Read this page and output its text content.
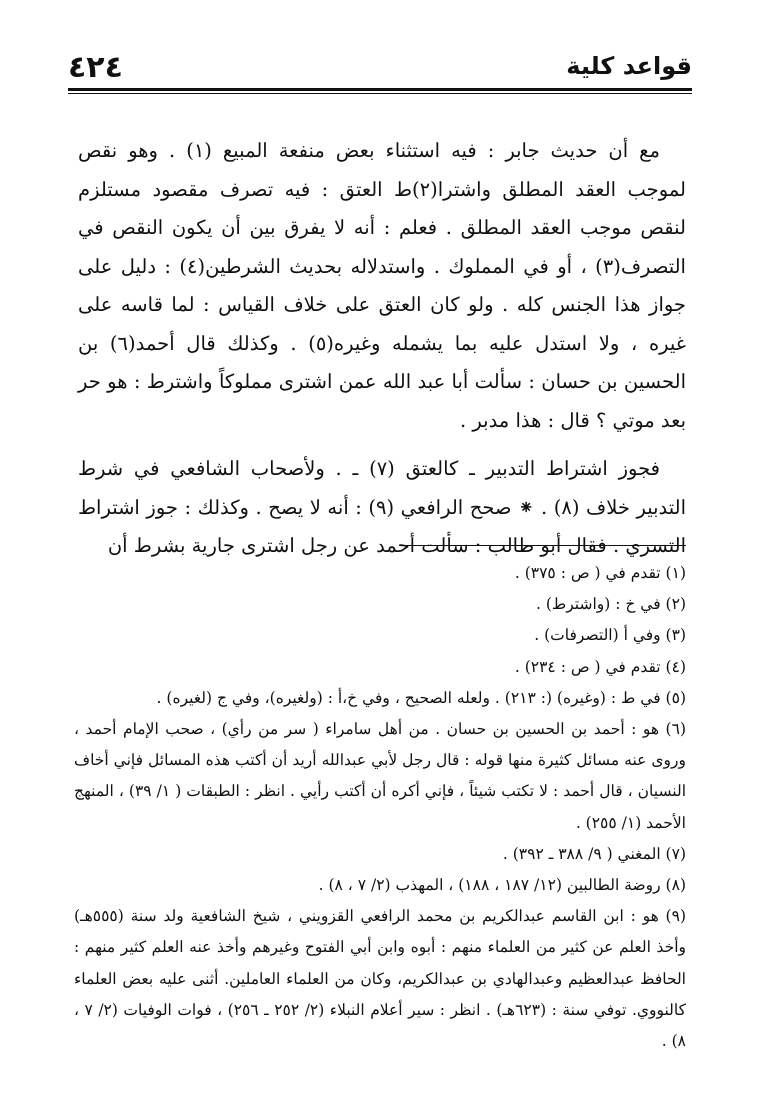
٤٢٤	قواعد كلية

مع أن حديث جابر : فيه استثناء بعض منفعة المبيع (١) . وهو نقص لموجب العقد المطلق واشترا(٢)ط العتق : فيه تصرف مقصود مستلزم لنقص موجب العقد المطلق . فعلم : أنه لا يفرق بين أن يكون النقص في التصرف(٣) ، أو في المملوك . واستدلاله بحديث الشرطين(٤) : دليل على جواز هذا الجنس كله . ولو كان العتق على خلاف القياس : لما قاسه على غيره ، ولا استدل عليه بما يشمله وغيره(٥) . وكذلك قال أحمد(٦) بن الحسين بن حسان : سألت أبا عبد الله عمن اشترى مملوكاً واشترط : هو حر بعد موتي ؟ قال : هذا مدبر .

فجوز اشتراط التدبير ـ كالعتق (٧) ـ . ولأصحاب الشافعي في شرط التدبير خلاف (٨) . ⁕ صحح الرافعي (٩) : أنه لا يصح . وكذلك : جوز اشتراط التسري . فقال أبو طالب : سألت أحمد عن رجل اشترى جارية بشرط أن

(١) تقدم في ( ص : ٣٧٥) .

(٢) في خ : (واشترط) .

(٣) وفي أ (التصرفات) .

(٤) تقدم في ( ص : ٢٣٤) .

(٥) في ط : (وغيره) (: ٢١٣) . ولعله الصحيح ، وفي خ،أ : (ولغيره)، وفي ج (لغيره) .

(٦) هو : أحمد بن الحسين بن حسان . من أهل سامراء ( سر من رأي) ، صحب الإمام أحمد ، وروى عنه مسائل كثيرة منها قوله : قال رجل لأبي عبدالله أريد أن أكتب هذه المسائل فإني أخاف النسيان ، قال أحمد : لا تكتب شيئاً ، فإني أكره أن أكتب رأيي . انظر : الطبقات ( ١/ ٣٩) ، المنهج الأحمد (١/ ٢٥٥) .

(٧) المغني ( ٩/ ٣٨٨ ـ ٣٩٢) .

(٨) روضة الطالبين (١٢/ ١٨٧ ، ١٨٨) ، المهذب (٢/ ٧ ، ٨) .

(٩) هو : ابن القاسم عبدالكريم بن محمد الرافعي القزويني ، شيخ الشافعية ولد سنة (٥٥٥هـ) وأخذ العلم عن كثير من العلماء منهم : أبوه وابن أبي الفتوح وغيرهم وأخذ عنه العلم كثير منهم : الحافظ عبدالعظيم وعبدالهادي بن عبدالكريم، وكان من العلماء العاملين. أثنى عليه بعض العلماء كالنووي. توفي سنة : (٦٢٣هـ) . انظر : سير أعلام النبلاء (٢/ ٢٥٢ ـ ٢٥٦) ، فوات الوفيات (٢/ ٧ ، ٨) .
